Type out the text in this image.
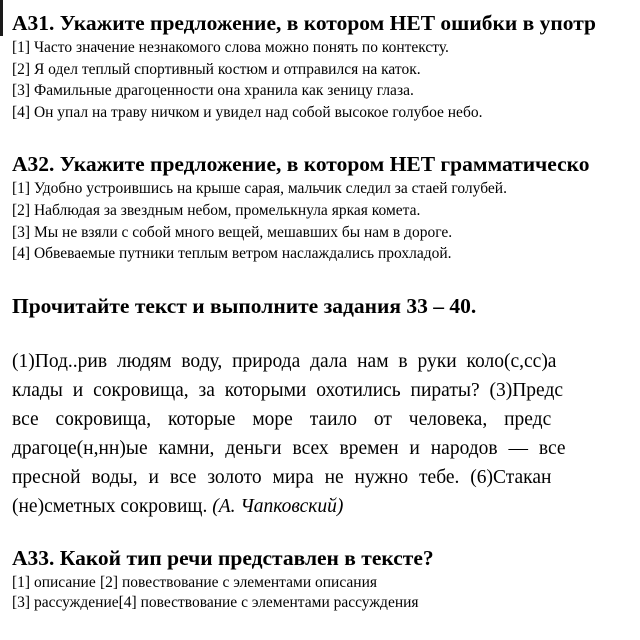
А31. Укажите предложение, в котором НЕТ ошибки в употр
[1] Часто значение незнакомого слова можно понять по контексту.
[2] Я одел теплый спортивный костюм и отправился на каток.
[3] Фамильные драгоценности она хранила как зеницу глаза.
[4] Он упал на траву ничком и увидел над собой высокое голубое небо.
А32. Укажите предложение, в котором НЕТ грамматическо
[1] Удобно устроившись на крыше сарая, мальчик следил за стаей голубей.
[2] Наблюдая за звездным небом, промелькнула яркая комета.
[3] Мы не взяли с собой много вещей, мешавших бы нам в дороге.
[4] Обвеваемые путники теплым ветром наслаждались прохладой.
Прочитайте текст и выполните задания 33 – 40.
(1)Под..рив людям воду, природа дала нам в руки коло(с,сс)а
клады и сокровища, за которыми охотились пираты? (3)Предс
все сокровища, которые море таило от человека, предс
драгоце(н,нн)ые камни, деньги всех времен и народов — все
пресной воды, и все золото мира не нужно тебе. (6)Стакан
(не)сметных сокровищ. (А. Чапковский)
А33. Какой тип речи представлен в тексте?
[1] описание [2] повествование с элементами описания
[3] рассуждение [4] повествование с элементами рассуждения
